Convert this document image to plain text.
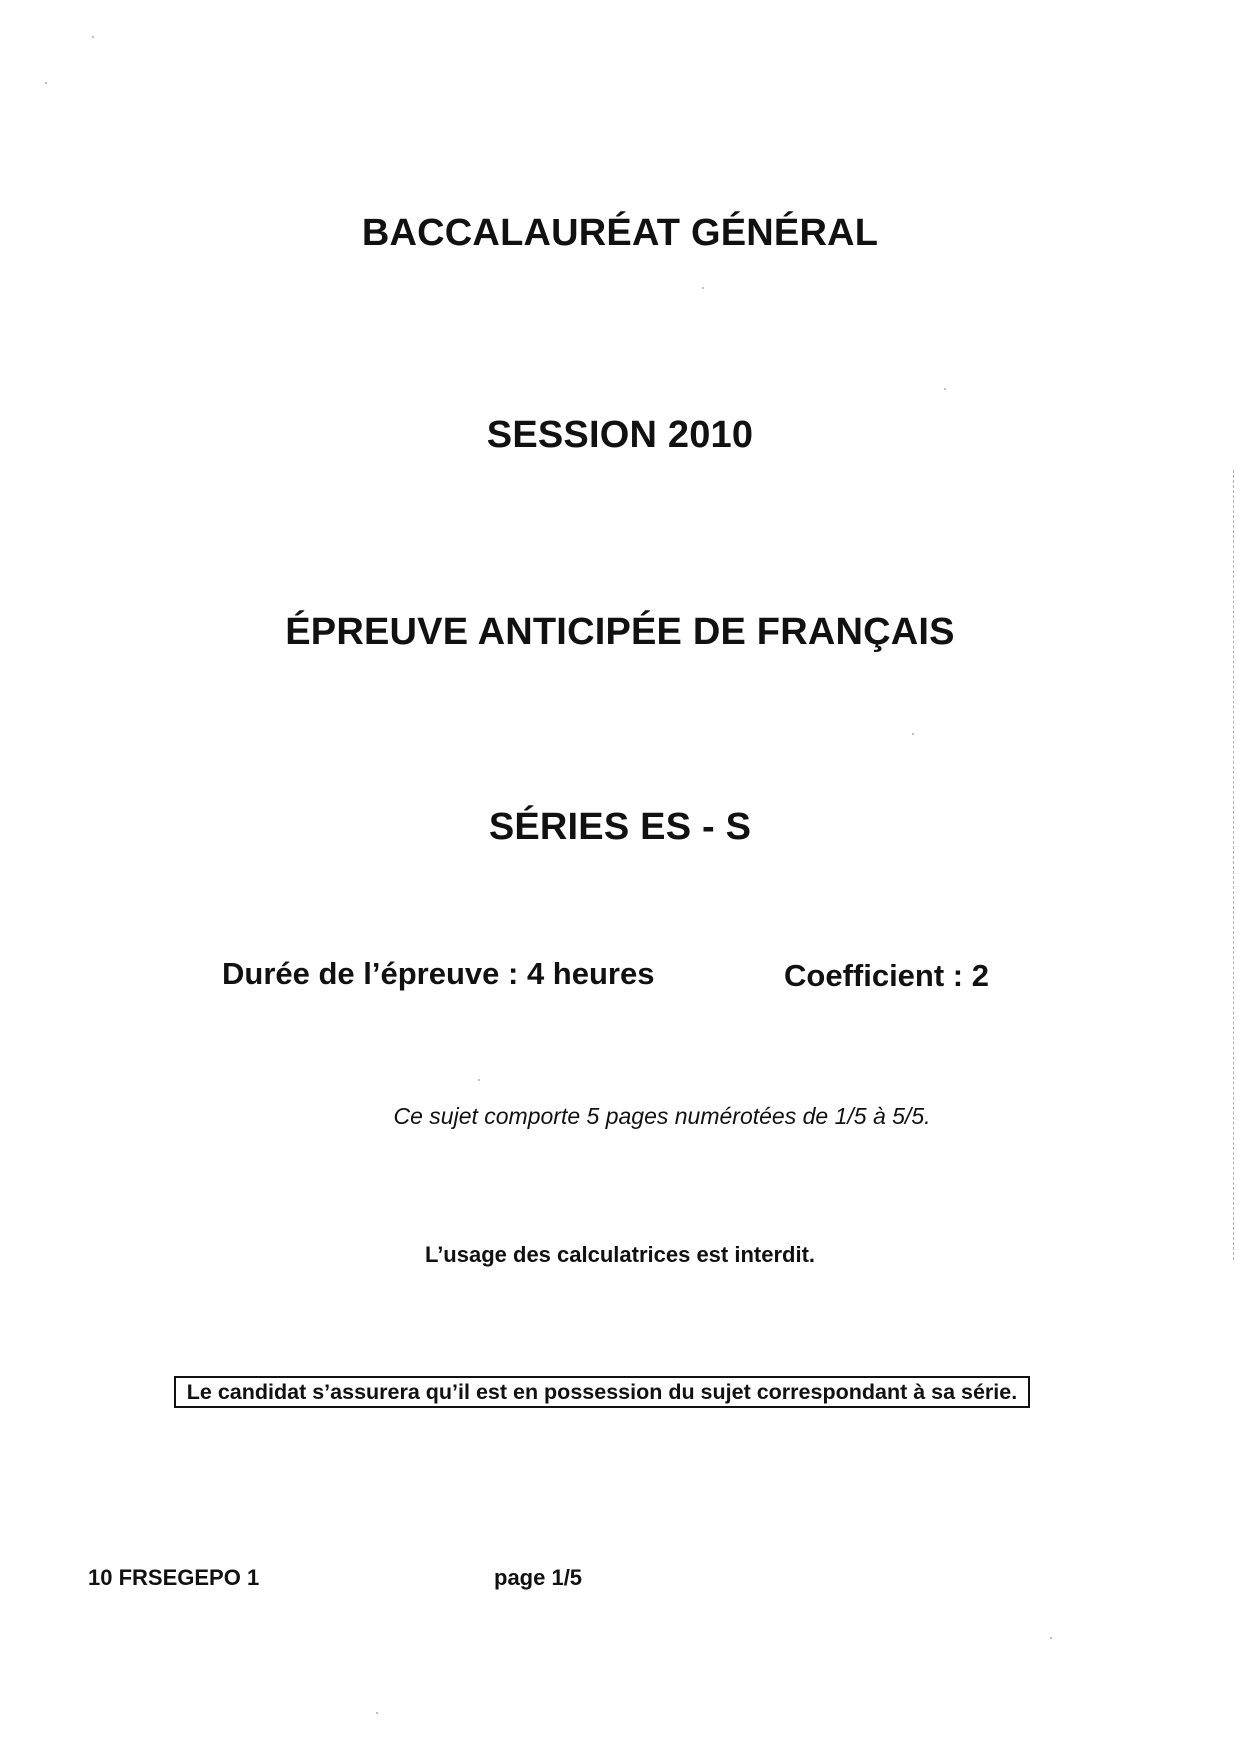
BACCALAURÉAT GÉNÉRAL
SESSION 2010
ÉPREUVE ANTICIPÉE DE FRANÇAIS
SÉRIES ES - S
Durée de l’épreuve : 4 heures	Coefficient : 2
Ce sujet comporte 5 pages numérotées de 1/5 à 5/5.
L’usage des calculatrices est interdit.
Le candidat s’assurera qu’il est en possession du sujet correspondant à sa série.
10 FRSEGEPO 1	page 1/5
